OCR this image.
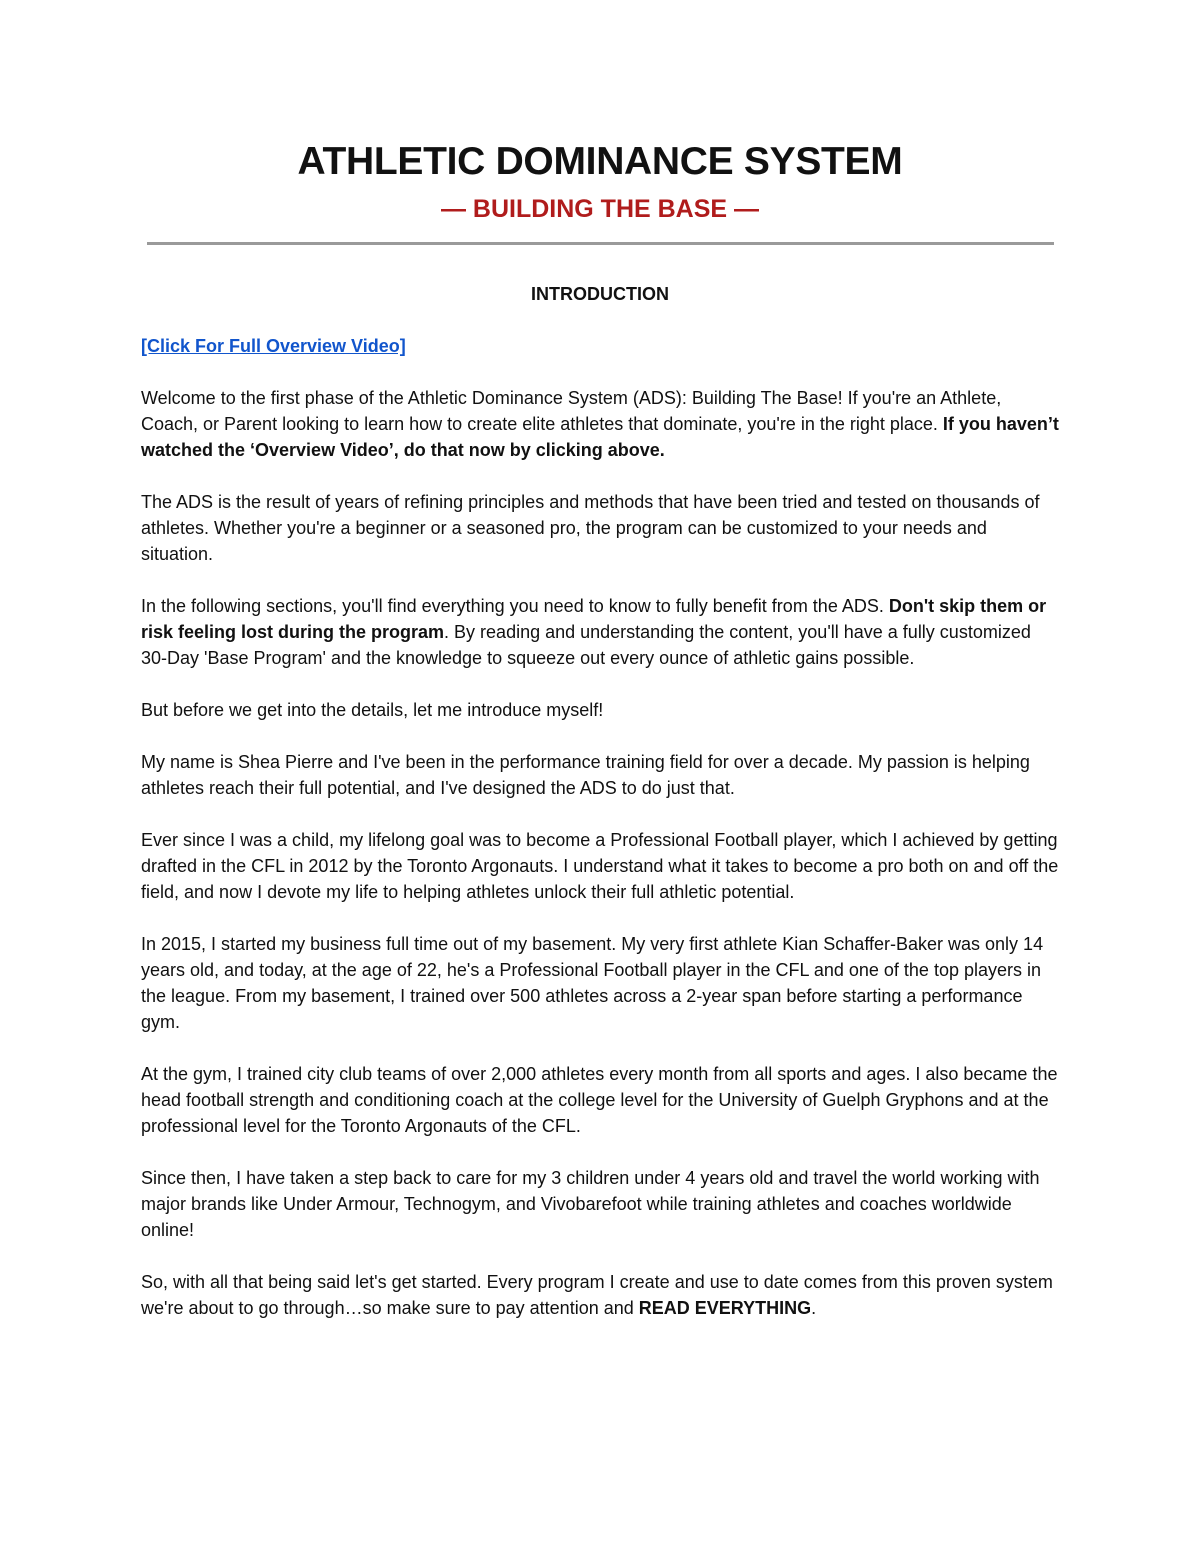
ATHLETIC DOMINANCE SYSTEM
— BUILDING THE BASE —
INTRODUCTION
[Click For Full Overview Video]

Welcome to the first phase of the Athletic Dominance System (ADS): Building The Base! If you're an Athlete, Coach, or Parent looking to learn how to create elite athletes that dominate, you're in the right place. If you haven’t watched the ‘Overview Video’, do that now by clicking above.

The ADS is the result of years of refining principles and methods that have been tried and tested on thousands of athletes. Whether you're a beginner or a seasoned pro, the program can be customized to your needs and situation.

In the following sections, you'll find everything you need to know to fully benefit from the ADS. Don't skip them or risk feeling lost during the program. By reading and understanding the content, you'll have a fully customized 30-Day 'Base Program' and the knowledge to squeeze out every ounce of athletic gains possible.

But before we get into the details, let me introduce myself!

My name is Shea Pierre and I've been in the performance training field for over a decade. My passion is helping athletes reach their full potential, and I've designed the ADS to do just that.

Ever since I was a child, my lifelong goal was to become a Professional Football player, which I achieved by getting drafted in the CFL in 2012 by the Toronto Argonauts. I understand what it takes to become a pro both on and off the field, and now I devote my life to helping athletes unlock their full athletic potential.

In 2015, I started my business full time out of my basement. My very first athlete Kian Schaffer-Baker was only 14 years old, and today, at the age of 22, he's a Professional Football player in the CFL and one of the top players in the league. From my basement, I trained over 500 athletes across a 2-year span before starting a performance gym.

At the gym, I trained city club teams of over 2,000 athletes every month from all sports and ages. I also became the head football strength and conditioning coach at the college level for the University of Guelph Gryphons and at the professional level for the Toronto Argonauts of the CFL.

Since then, I have taken a step back to care for my 3 children under 4 years old and travel the world working with major brands like Under Armour, Technogym, and Vivobarefoot while training athletes and coaches worldwide online!

So, with all that being said let's get started. Every program I create and use to date comes from this proven system we're about to go through…so make sure to pay attention and READ EVERYTHING.
